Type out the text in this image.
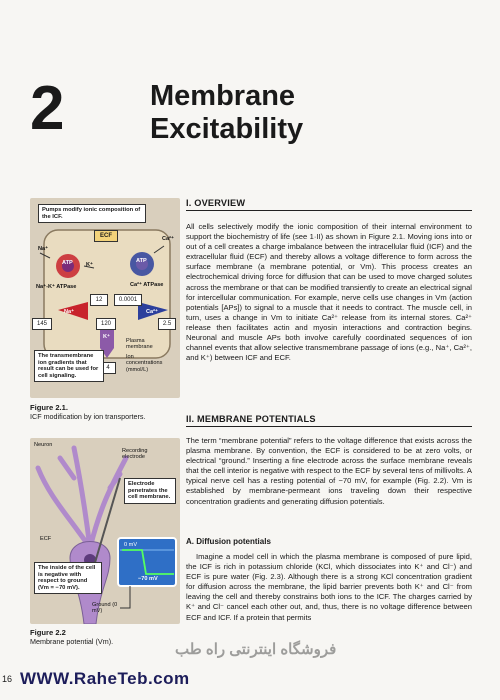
2	Membrane
Excitability
Pumps modify ionic composition of the ICF.
ECF
ATP	ATP
Na⁺
K⁺
Ca²⁺
Na⁺-K⁺ ATPase	Ca²⁺ ATPase
12	0.0001
Na⁺	Ca²⁺
145	120	2.5
K⁺
Plasma membrane
4
Ion concentrations (mmol/L)
The transmembrane ion gradients that result can be used for cell signaling.
Figure 2.1.
ICF modification by ion transporters.
Neuron
Recording electrode
Electrode penetrates the cell membrane.
ECF
0 mV
−70 mV
The inside of the cell is negative with respect to ground (Vm = −70 mV).
Ground (0 mV)
Figure 2.2
Membrane potential (Vm).
I. OVERVIEW

All cells selectively modify the ionic composition of their internal environment to support the biochemistry of life (see 1·II) as shown in Figure 2.1. Moving ions into or out of a cell creates a charge imbalance between the intracellular fluid (ICF) and the extracellular fluid (ECF) and thereby allows a voltage difference to form across the surface membrane (a membrane potential, or Vm). This process creates an electrochemical driving force for diffusion that can be used to move charged solutes across the membrane or that can be modified transiently to create an electrical signal for intercellular communication. For example, nerve cells use changes in Vm (action potentials [APs]) to signal to a muscle that it needs to contract. The muscle cell, in turn, uses a change in Vm to initiate Ca²⁺ release from its internal stores. Ca²⁺ release then facilitates actin and myosin interactions and contraction begins. Neuronal and muscle APs both involve carefully coordinated sequences of ion channel events that allow selective transmembrane passage of ions (e.g., Na⁺, Ca²⁺, and K⁺) between ICF and ECF.

II. MEMBRANE POTENTIALS

The term “membrane potential” refers to the voltage difference that exists across the plasma membrane. By convention, the ECF is considered to be at zero volts, or electrical “ground.” Inserting a fine electrode across the surface membrane reveals that the cell interior is negative with respect to the ECF by several tens of millivolts. A typical nerve cell has a resting potential of −70 mV, for example (Fig. 2.2). Vm is established by membrane-permeant ions traveling down their respective concentration gradients and generating diffusion potentials.

A. Diffusion potentials

Imagine a model cell in which the plasma membrane is composed of pure lipid, the ICF is rich in potassium chloride (KCl, which dissociates into K⁺ and Cl⁻) and ECF is pure water (Fig. 2.3). Although there is a strong KCl concentration gradient for diffusion across the membrane, the lipid barrier prevents both K⁺ and Cl⁻ from leaving the cell and thereby constrains both ions to the ICF. The charges carried by K⁺ and Cl⁻ cancel each other out, and, thus, there is no voltage difference between ECF and ICF. If a protein that permits

16 WWW.RaheTeb.com
فروشگاه اینترنتی راه طب
